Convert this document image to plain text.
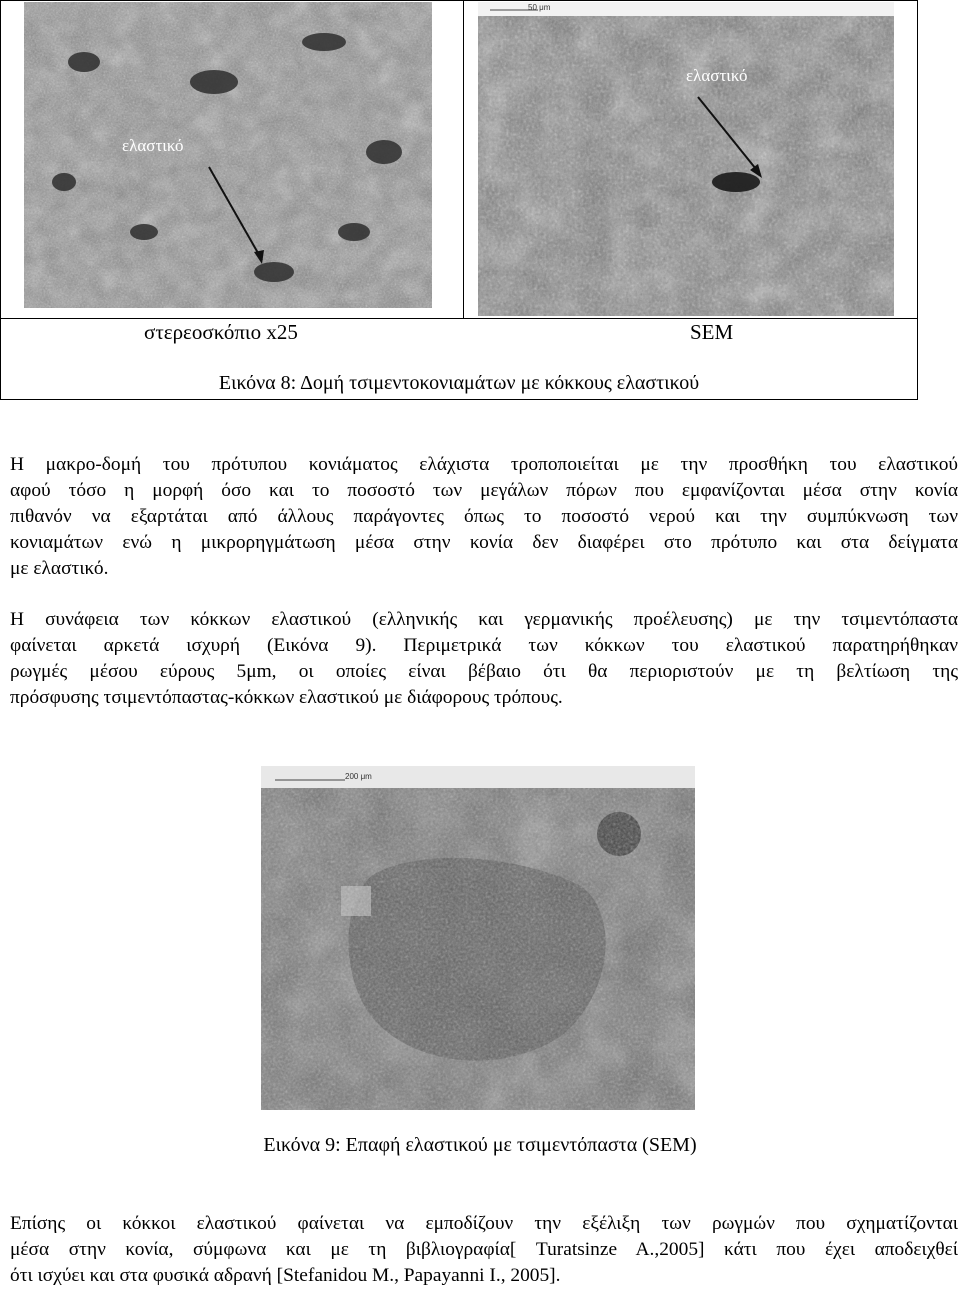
ελαστικό
ελαστικό
50 μm
στερεοσκόπιο x25	SEM
Εικόνα 8: Δομή τσιμεντοκονιαμάτων με κόκκους ελαστικού
Η μακρο-δομή του πρότυπου κονιάματος ελάχιστα τροποποιείται με την προσθήκη του ελαστικού
αφού τόσο η μορφή όσο και το ποσοστό των μεγάλων πόρων που εμφανίζονται μέσα στην κονία
πιθανόν να εξαρτάται από άλλους παράγοντες όπως το ποσοστό νερού και την συμπύκνωση των
κονιαμάτων ενώ η μικρορηγμάτωση μέσα στην κονία δεν διαφέρει στο πρότυπο και στα δείγματα
με ελαστικό.
Η συνάφεια των κόκκων ελαστικού (ελληνικής και γερμανικής προέλευσης) με την τσιμεντόπαστα
φαίνεται αρκετά ισχυρή (Εικόνα 9). Περιμετρικά των κόκκων του ελαστικού παρατηρήθηκαν
ρωγμές μέσου εύρους 5μm, οι οποίες είναι βέβαιο ότι θα περιοριστούν με τη βελτίωση της
πρόσφυσης τσιμεντόπαστας-κόκκων ελαστικού με διάφορους τρόπους.
200 μm
Εικόνα 9: Επαφή ελαστικού με τσιμεντόπαστα (SEM)
Επίσης οι κόκκοι ελαστικού φαίνεται να εμποδίζουν την εξέλιξη των ρωγμών που σχηματίζονται
μέσα στην κονία, σύμφωνα και με τη βιβλιογραφία[ Turatsinze A.,2005] κάτι που έχει αποδειχθεί
ότι ισχύει και στα φυσικά αδρανή [Stefanidou M., Papayanni I., 2005].
